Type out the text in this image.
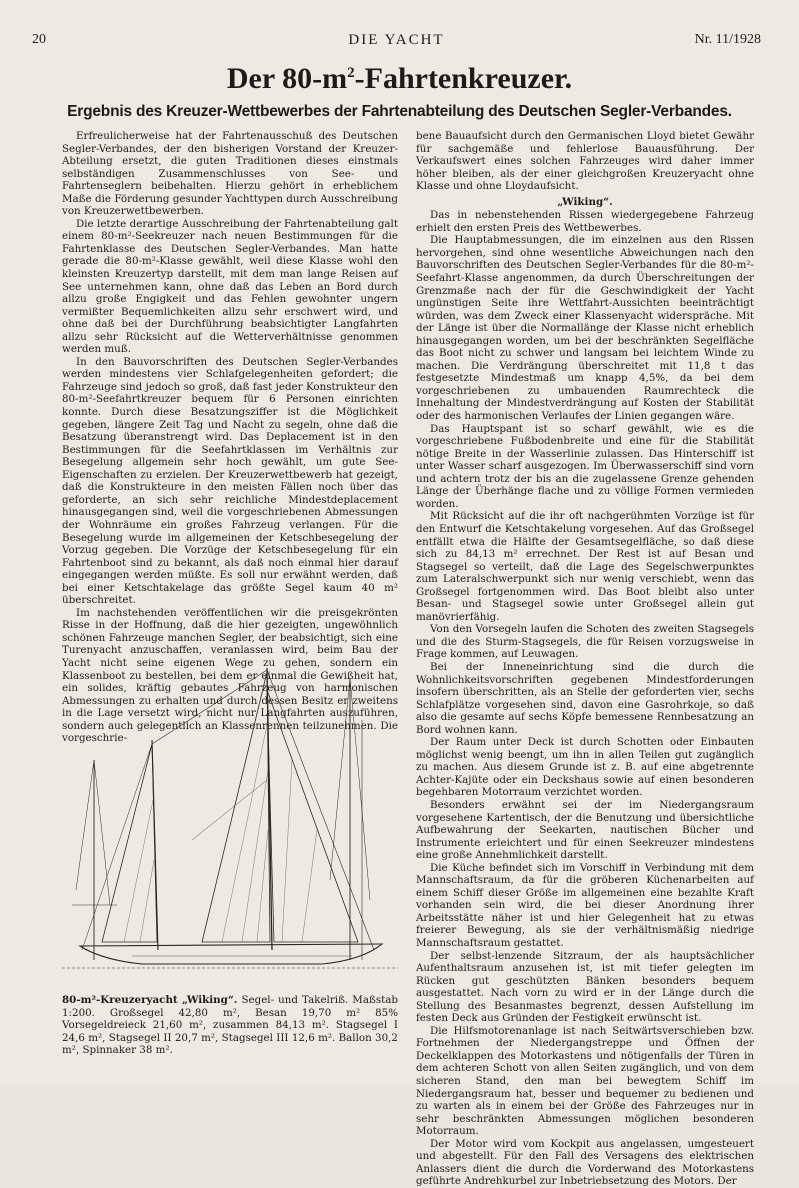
20	DIE YACHT	Nr. 11/1928
Der $80-m^2$-Fahrtenkreuzer.
Ergebnis des Kreuzer-Wettbewerbes der Fahrtenabteilung des Deutschen Segler-Verbandes.

Erfreulicherweise hat der Fahrtenausschuß des Deutschen Segler-Verbandes, der den bisherigen Vorstand der Kreuzer-Abteilung ersetzt, die guten Traditionen dieses einstmals selbständigen Zusammenschlusses von See- und Fahrtenseglern beibehalten. Hierzu gehört in erheblichem Maße die Förderung gesunder Yachttypen durch Ausschreibung von Kreuzerwettbewerben.

Die letzte derartige Ausschreibung der Fahrtenabteilung galt einem 80-m²-Seekreuzer nach neuen Bestimmungen für die Fahrtenklasse des Deutschen Segler-Verbandes. Man hatte gerade die 80-m²-Klasse gewählt, weil diese Klasse wohl den kleinsten Kreuzertyp darstellt, mit dem man lange Reisen auf See unternehmen kann, ohne daß das Leben an Bord durch allzu große Engigkeit und das Fehlen gewohnter ungern vermißter Bequemlichkeiten allzu sehr erschwert wird, und ohne daß bei der Durchführung beabsichtigter Langfahrten allzu sehr Rücksicht auf die Wetterverhältnisse genommen werden muß.

In den Bauvorschriften des Deutschen Segler-Verbandes werden mindestens vier Schlafgelegenheiten gefordert; die Fahrzeuge sind jedoch so groß, daß fast jeder Konstrukteur den 80-m²-Seefahrtkreuzer bequem für 6 Personen einrichten konnte. Durch diese Besatzungsziffer ist die Möglichkeit gegeben, längere Zeit Tag und Nacht zu segeln, ohne daß die Besatzung überanstrengt wird. Das Deplacement ist in den Bestimmungen für die Seefahrtklassen im Verhältnis zur Besegelung allgemein sehr hoch gewählt, um gute See-Eigenschaften zu erzielen. Der Kreuzerwettbewerb hat gezeigt, daß die Konstrukteure in den meisten Fällen noch über das geforderte, an sich sehr reichliche Mindestdeplacement hinausgegangen sind, weil die vorgeschriebenen Abmessungen der Wohnräume ein großes Fahrzeug verlangen. Für die Besegelung wurde im allgemeinen der Ketschbesegelung der Vorzug gegeben. Die Vorzüge der Ketschbesegelung für ein Fahrtenboot sind zu bekannt, als daß noch einmal hier darauf eingegangen werden müßte. Es soll nur erwähnt werden, daß bei einer Ketschtakelage das größte Segel kaum 40 m² überschreitet.

Im nachstehenden veröffentlichen wir die preisgekrönten Risse in der Hoffnung, daß die hier gezeigten, ungewöhnlich schönen Fahrzeuge manchen Segler, der beabsichtigt, sich eine Turenyacht anzuschaffen, veranlassen wird, beim Bau der Yacht nicht seine eigenen Wege zu gehen, sondern ein Klassenboot zu bestellen, bei dem er einmal die Gewißheit hat, ein solides, kräftig gebautes Fahrzeug von harmonischen Abmessungen zu erhalten und durch dessen Besitz er zweitens in die Lage versetzt wird, nicht nur Langfahrten auszuführen, sondern auch gelegentlich an Klassenrennen teilzunehmen. Die vorgeschrie-

80-m²-Kreuzeryacht „Wiking“. Segel- und Takelriß. Maßstab 1:200. Großsegel 42,80 m², Besan 19,70 m² 85% Vorsegeldreieck 21,60 m², zusammen 84,13 m². Stagsegel I 24,6 m², Stagsegel II 20,7 m², Stagsegel III 12,6 m². Ballon 30,2 m², Spinnaker 38 m².

bene Bauaufsicht durch den Germanischen Lloyd bietet Gewähr für sachgemäße und fehlerlose Bauausführung. Der Verkaufswert eines solchen Fahrzeuges wird daher immer höher bleiben, als der einer gleichgroßen Kreuzeryacht ohne Klasse und ohne Lloydaufsicht.

„Wiking“.

Das in nebenstehenden Rissen wiedergegebene Fahrzeug erhielt den ersten Preis des Wettbewerbes.

Die Hauptabmessungen, die im einzelnen aus den Rissen hervorgehen, sind ohne wesentliche Abweichungen nach den Bauvorschriften des Deutschen Segler-Verbandes für die 80-m²-Seefahrt-Klasse angenommen, da durch Überschreitungen der Grenzmaße nach der für die Geschwindigkeit der Yacht ungünstigen Seite ihre Wettfahrt-Aussichten beeinträchtigt würden, was dem Zweck einer Klassenyacht widerspräche. Mit der Länge ist über die Normallänge der Klasse nicht erheblich hinausgegangen worden, um bei der beschränkten Segelfläche das Boot nicht zu schwer und langsam bei leichtem Winde zu machen. Die Verdrängung überschreitet mit 11,8 t das festgesetzte Mindestmaß um knapp 4,5%, da bei dem vorgeschriebenen zu umbauenden Raumrechteck die Innehaltung der Mindestverdrängung auf Kosten der Stabilität oder des harmonischen Verlaufes der Linien gegangen wäre.

Das Hauptspant ist so scharf gewählt, wie es die vorgeschriebene Fußbodenbreite und eine für die Stabilität nötige Breite in der Wasserlinie zulassen. Das Hinterschiff ist unter Wasser scharf ausgezogen. Im Überwasserschiff sind vorn und achtern trotz der bis an die zugelassene Grenze gehenden Länge der Überhänge flache und zu völlige Formen vermieden worden.

Mit Rücksicht auf die ihr oft nachgerühmten Vorzüge ist für den Entwurf die Ketschtakelung vorgesehen. Auf das Großsegel entfällt etwa die Hälfte der Gesamtsegelfläche, so daß diese sich zu 84,13 m² errechnet. Der Rest ist auf Besan und Stagsegel so verteilt, daß die Lage des Segelschwerpunktes zum Lateralschwerpunkt sich nur wenig verschiebt, wenn das Großsegel fortgenommen wird. Das Boot bleibt also unter Besan- und Stagsegel sowie unter Großsegel allein gut manövrierfähig.

Von den Vorsegeln laufen die Schoten des zweiten Stagsegels und die des Sturm-Stagsegels, die für Reisen vorzugsweise in Frage kommen, auf Leuwagen.

Bei der Inneneinrichtung sind die durch die Wohnlichkeitsvorschriften gegebenen Mindestforderungen insofern überschritten, als an Stelle der geforderten vier, sechs Schlafplätze vorgesehen sind, davon eine Gasrohrkoje, so daß also die gesamte auf sechs Köpfe bemessene Rennbesatzung an Bord wohnen kann.

Der Raum unter Deck ist durch Schotten oder Einbauten möglichst wenig beengt, um ihn in allen Teilen gut zugänglich zu machen. Aus diesem Grunde ist z. B. auf eine abgetrennte Achter-Kajüte oder ein Deckshaus sowie auf einen besonderen begehbaren Motorraum verzichtet worden.

Besonders erwähnt sei der im Niedergangsraum vorgesehene Kartentisch, der die Benutzung und übersichtliche Aufbewahrung der Seekarten, nautischen Bücher und Instrumente erleichtert und für einen Seekreuzer mindestens eine große Annehmlichkeit darstellt.

Die Küche befindet sich im Vorschiff in Verbindung mit dem Mannschaftsraum, da für die gröberen Küchenarbeiten auf einem Schiff dieser Größe im allgemeinen eine bezahlte Kraft vorhanden sein wird, die bei dieser Anordnung ihrer Arbeitsstätte näher ist und hier Gelegenheit hat zu etwas freierer Bewegung, als sie der verhältnismäßig niedrige Mannschaftsraum gestattet.

Der selbst-lenzende Sitzraum, der als hauptsächlicher Aufenthaltsraum anzusehen ist, ist mit tiefer gelegten im Rücken gut geschützten Bänken besonders bequem ausgestattet. Nach vorn zu wird er in der Länge durch die Stellung des Besanmastes begrenzt, dessen Aufstellung im festen Deck aus Gründen der Festigkeit erwünscht ist.

Die Hilfsmotorenanlage ist nach Seitwärtsverschieben bzw. Fortnehmen der Niedergangstreppe und Öffnen der Deckelklappen des Motorkastens und nötigenfalls der Türen in dem achteren Schott von allen Seiten zugänglich, und von dem sicheren Stand, den man bei bewegtem Schiff im Niedergangsraum hat, besser und bequemer zu bedienen und zu warten als in einem bei der Größe des Fahrzeuges nur in sehr beschränkten Abmessungen möglichen besonderen Motorraum.

Der Motor wird vom Kockpit aus angelassen, umgesteuert und abgestellt. Für den Fall des Versagens des elektrischen Anlassers dient die durch die Vorderwand des Motorkastens geführte Andrehkurbel zur Inbetriebsetzung des Motors. Der
